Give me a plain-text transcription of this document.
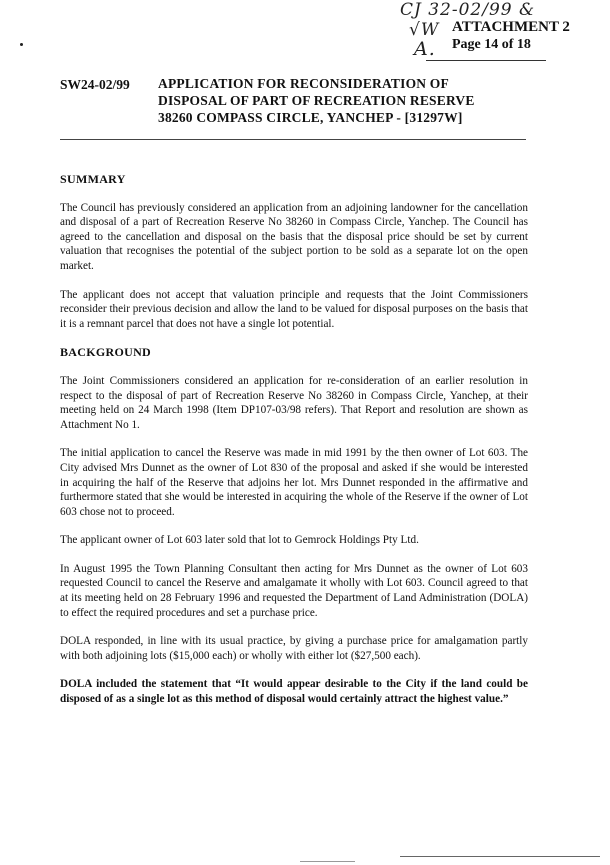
CJ 32-02/99 &
√W
A.
ATTACHMENT 2
Page 14 of 18
SW24-02/99 APPLICATION FOR RECONSIDERATION OF
DISPOSAL OF PART OF RECREATION RESERVE
38260 COMPASS CIRCLE, YANCHEP - [31297W]
SUMMARY
The Council has previously considered an application from an adjoining landowner for the cancellation and disposal of a part of Recreation Reserve No 38260 in Compass Circle, Yanchep. The Council has agreed to the cancellation and disposal on the basis that the disposal price should be set by current valuation that recognises the potential of the subject portion to be sold as a separate lot on the open market.
The applicant does not accept that valuation principle and requests that the Joint Commissioners reconsider their previous decision and allow the land to be valued for disposal purposes on the basis that it is a remnant parcel that does not have a single lot potential.
BACKGROUND
The Joint Commissioners considered an application for re-consideration of an earlier resolution in respect to the disposal of part of Recreation Reserve No 38260 in Compass Circle, Yanchep, at their meeting held on 24 March 1998 (Item DP107-03/98 refers). That Report and resolution are shown as Attachment No 1.
The initial application to cancel the Reserve was made in mid 1991 by the then owner of Lot 603. The City advised Mrs Dunnet as the owner of Lot 830 of the proposal and asked if she would be interested in acquiring the half of the Reserve that adjoins her lot. Mrs Dunnet responded in the affirmative and furthermore stated that she would be interested in acquiring the whole of the Reserve if the owner of Lot 603 chose not to proceed.
The applicant owner of Lot 603 later sold that lot to Gemrock Holdings Pty Ltd.
In August 1995 the Town Planning Consultant then acting for Mrs Dunnet as the owner of Lot 603 requested Council to cancel the Reserve and amalgamate it wholly with Lot 603. Council agreed to that at its meeting held on 28 February 1996 and requested the Department of Land Administration (DOLA) to effect the required procedures and set a purchase price.
DOLA responded, in line with its usual practice, by giving a purchase price for amalgamation partly with both adjoining lots ($15,000 each) or wholly with either lot ($27,500 each).
DOLA included the statement that “It would appear desirable to the City if the land could be disposed of as a single lot as this method of disposal would certainly attract the highest value.”
